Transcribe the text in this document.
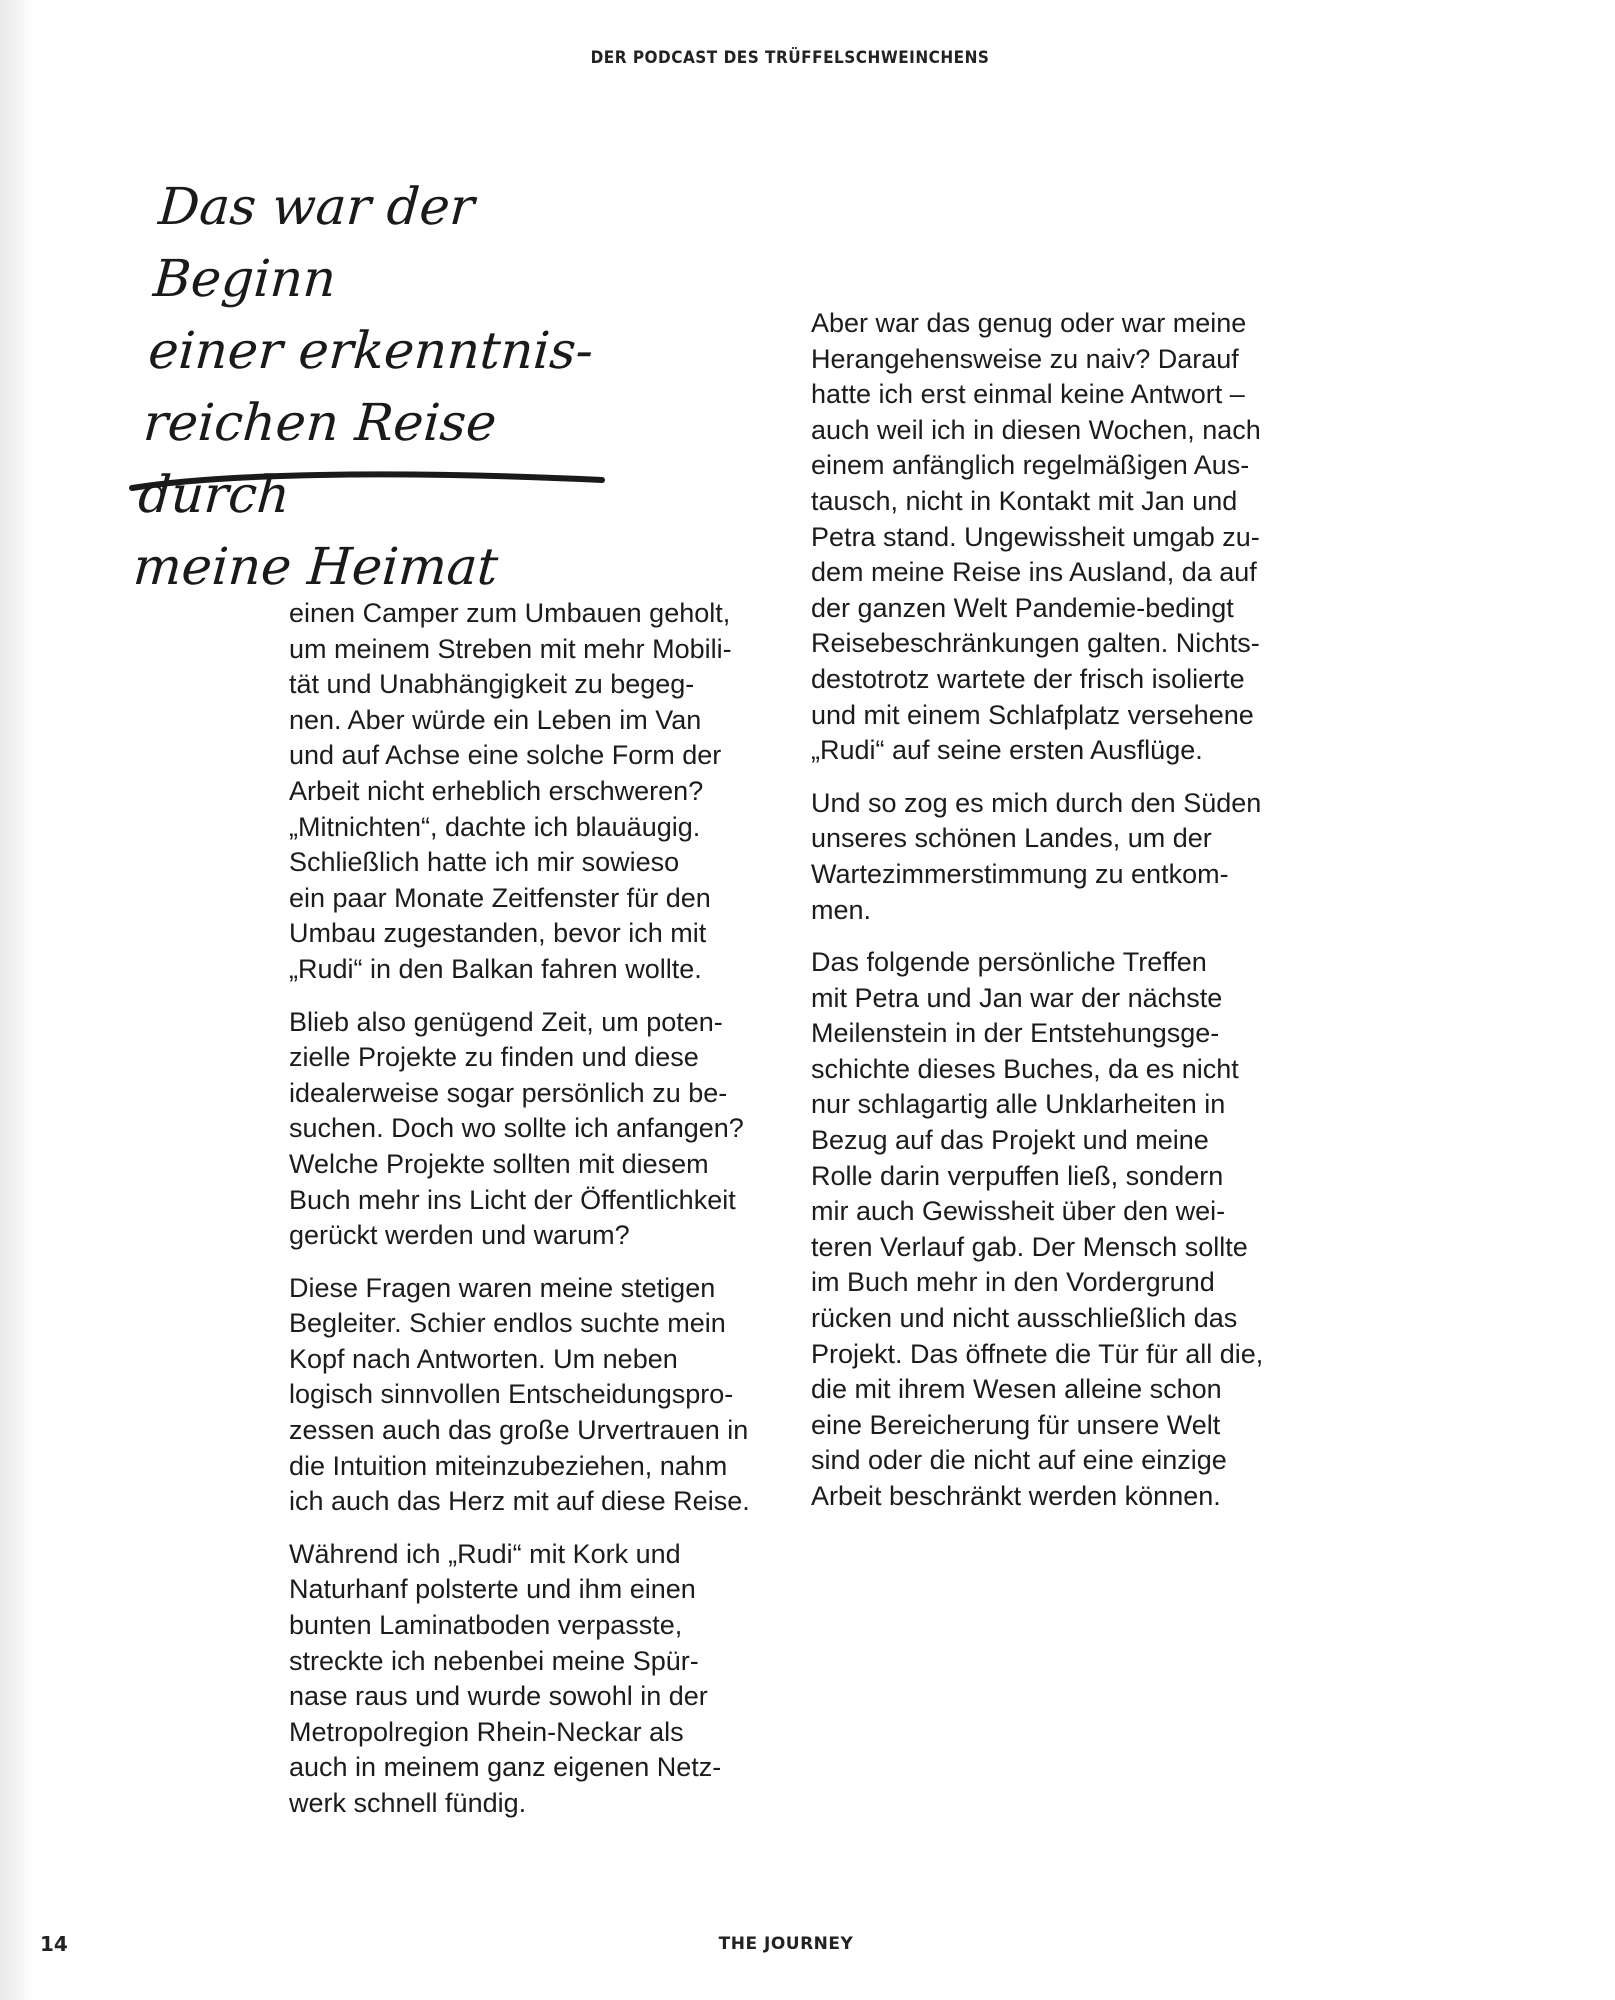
DER PODCAST DES TRÜFFELSCHWEINCHENS
Das war der Beginn
einer erkenntnis-
reichen Reise durch
meine Heimat

einen Camper zum Umbauen geholt,
um meinem Streben mit mehr Mobili-
tät und Unabhängigkeit zu begeg-
nen. Aber würde ein Leben im Van
und auf Achse eine solche Form der
Arbeit nicht erheblich erschweren?
„Mitnichten“, dachte ich blauäugig.
Schließlich hatte ich mir sowieso
ein paar Monate Zeitfenster für den
Umbau zugestanden, bevor ich mit
„Rudi“ in den Balkan fahren wollte.

Blieb also genügend Zeit, um poten-
zielle Projekte zu finden und diese
idealerweise sogar persönlich zu be-
suchen. Doch wo sollte ich anfangen?
Welche Projekte sollten mit diesem
Buch mehr ins Licht der Öffentlichkeit
gerückt werden und warum?

Diese Fragen waren meine stetigen
Begleiter. Schier endlos suchte mein
Kopf nach Antworten. Um neben
logisch sinnvollen Entscheidungspro-
zessen auch das große Urvertrauen in
die Intuition miteinzubeziehen, nahm
ich auch das Herz mit auf diese Reise.

Während ich „Rudi“ mit Kork und
Naturhanf polsterte und ihm einen
bunten Laminatboden verpasste,
streckte ich nebenbei meine Spür-
nase raus und wurde sowohl in der
Metropolregion Rhein-Neckar als
auch in meinem ganz eigenen Netz-
werk schnell fündig.

Aber war das genug oder war meine
Herangehensweise zu naiv? Darauf
hatte ich erst einmal keine Antwort –
auch weil ich in diesen Wochen, nach
einem anfänglich regelmäßigen Aus-
tausch, nicht in Kontakt mit Jan und
Petra stand. Ungewissheit umgab zu-
dem meine Reise ins Ausland, da auf
der ganzen Welt Pandemie-bedingt
Reisebeschränkungen galten. Nichts-
destotrotz wartete der frisch isolierte
und mit einem Schlafplatz versehene
„Rudi“ auf seine ersten Ausflüge.

Und so zog es mich durch den Süden
unseres schönen Landes, um der
Wartezimmerstimmung zu entkom-
men.

Das folgende persönliche Treffen
mit Petra und Jan war der nächste
Meilenstein in der Entstehungsge-
schichte dieses Buches, da es nicht
nur schlagartig alle Unklarheiten in
Bezug auf das Projekt und meine
Rolle darin verpuffen ließ, sondern
mir auch Gewissheit über den wei-
teren Verlauf gab. Der Mensch sollte
im Buch mehr in den Vordergrund
rücken und nicht ausschließlich das
Projekt. Das öffnete die Tür für all die,
die mit ihrem Wesen alleine schon
eine Bereicherung für unsere Welt
sind oder die nicht auf eine einzige
Arbeit beschränkt werden können.

14	THE JOURNEY
